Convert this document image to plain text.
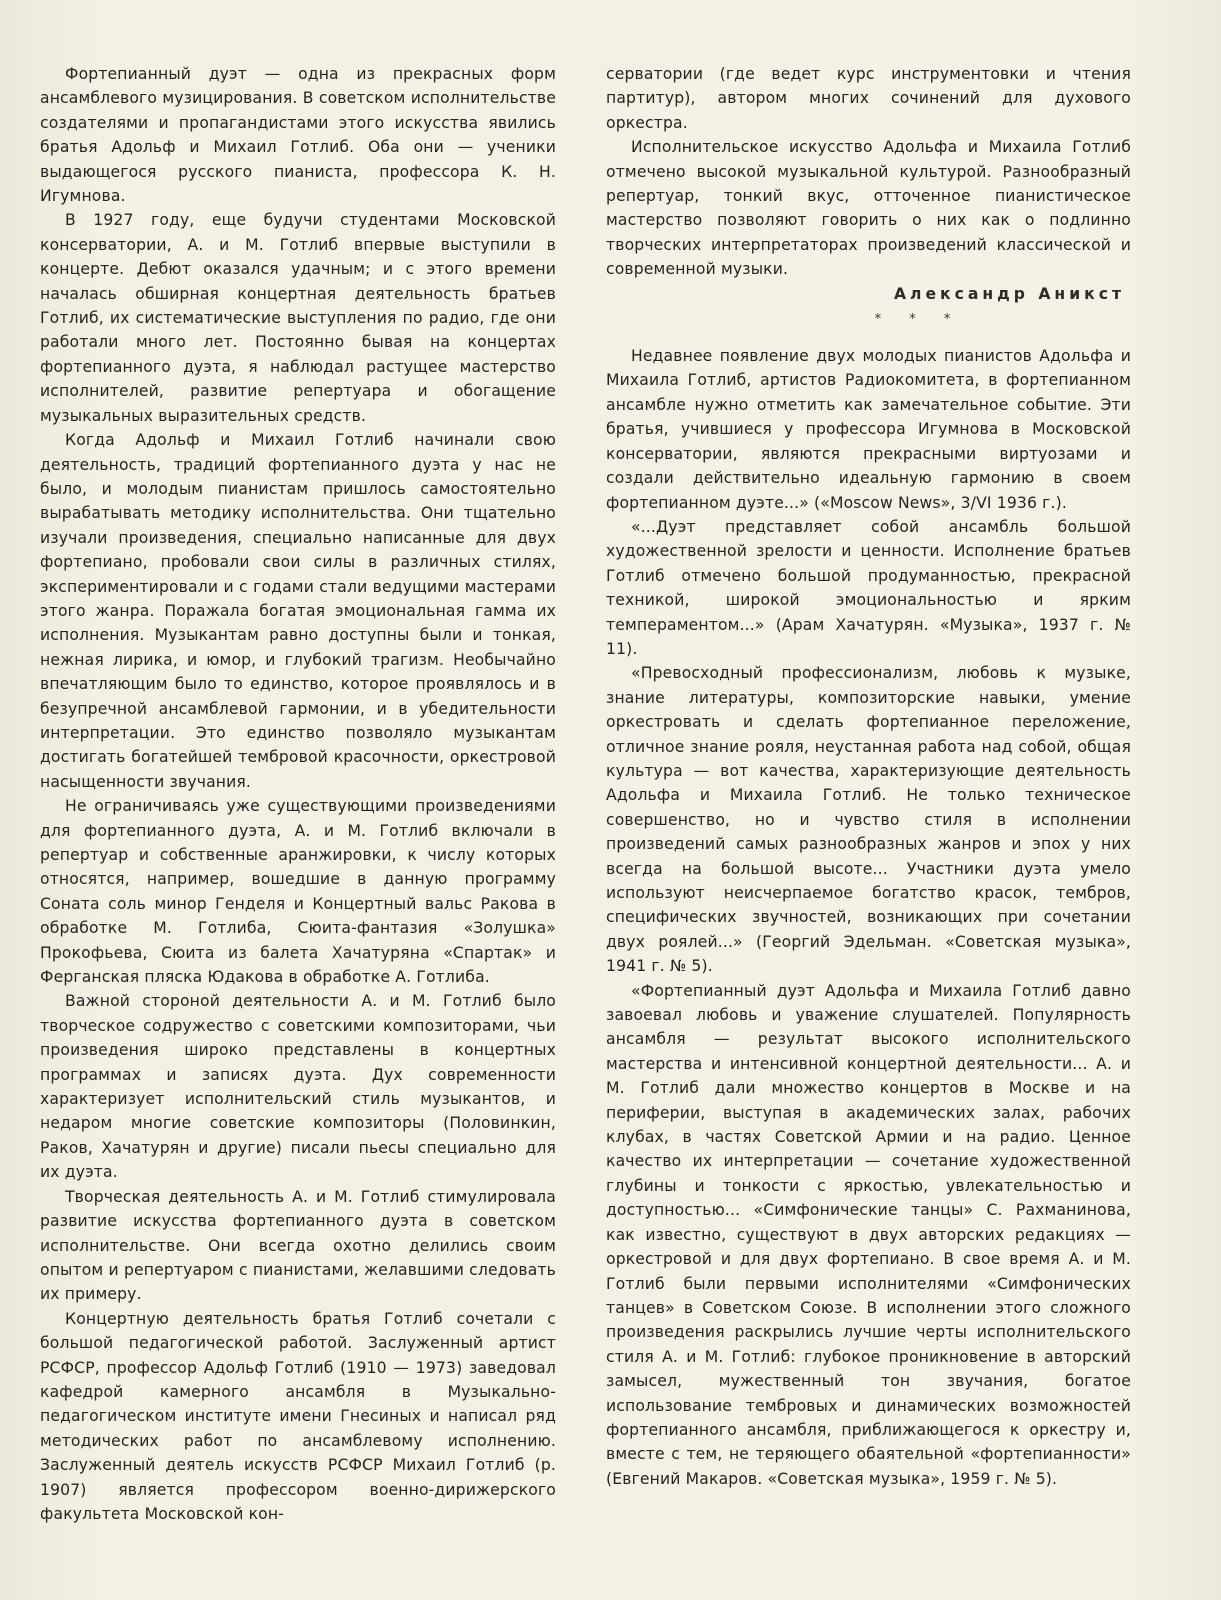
Фортепианный дуэт — одна из прекрасных форм ансамблевого музицирования. В советском исполнительстве создателями и пропагандистами этого искусства явились братья Адольф и Михаил Готлиб. Оба они — ученики выдающегося русского пианиста, профессора К. Н. Игумнова.

В 1927 году, еще будучи студентами Московской консерватории, А. и М. Готлиб впервые выступили в концерте. Дебют оказался удачным; и с этого времени началась обширная концертная деятельность братьев Готлиб, их систематические выступления по радио, где они работали много лет. Постоянно бывая на концертах фортепианного дуэта, я наблюдал растущее мастерство исполнителей, развитие репертуара и обогащение музыкальных выразительных средств.

Когда Адольф и Михаил Готлиб начинали свою деятельность, традиций фортепианного дуэта у нас не было, и молодым пианистам пришлось самостоятельно вырабатывать методику исполнительства. Они тщательно изучали произведения, специально написанные для двух фортепиано, пробовали свои силы в различных стилях, экспериментировали и с годами стали ведущими мастерами этого жанра. Поражала богатая эмоциональная гамма их исполнения. Музыкантам равно доступны были и тонкая, нежная лирика, и юмор, и глубокий трагизм. Необычайно впечатляющим было то единство, которое проявлялось и в безупречной ансамблевой гармонии, и в убедительности интерпретации. Это единство позволяло музыкантам достигать богатейшей тембровой красочности, оркестровой насыщенности звучания.

Не ограничиваясь уже существующими произведениями для фортепианного дуэта, А. и М. Готлиб включали в репертуар и собственные аранжировки, к числу которых относятся, например, вошедшие в данную программу Соната соль минор Генделя и Концертный вальс Ракова в обработке М. Готлиба, Сюита-фантазия «Золушка» Прокофьева, Сюита из балета Хачатуряна «Спартак» и Ферганская пляска Юдакова в обработке А. Готлиба.

Важной стороной деятельности А. и М. Готлиб было творческое содружество с советскими композиторами, чьи произведения широко представлены в концертных программах и записях дуэта. Дух современности характеризует исполнительский стиль музыкантов, и недаром многие советские композиторы (Половинкин, Раков, Хачатурян и другие) писали пьесы специально для их дуэта.

Творческая деятельность А. и М. Готлиб стимулировала развитие искусства фортепианного дуэта в советском исполнительстве. Они всегда охотно делились своим опытом и репертуаром с пианистами, желавшими следовать их примеру.

Концертную деятельность братья Готлиб сочетали с большой педагогической работой. Заслуженный артист РСФСР, профессор Адольф Готлиб (1910 — 1973) заведовал кафедрой камерного ансамбля в Музыкально-педагогическом институте имени Гнесиных и написал ряд методических работ по ансамблевому исполнению. Заслуженный деятель искусств РСФСР Михаил Готлиб (р. 1907) является профессором военно-дирижерского факультета Московской кон-

серватории (где ведет курс инструментовки и чтения партитур), автором многих сочинений для духового оркестра.

Исполнительское искусство Адольфа и Михаила Готлиб отмечено высокой музыкальной культурой. Разнообразный репертуар, тонкий вкус, отточенное пианистическое мастерство позволяют говорить о них как о подлинно творческих интерпретаторах произведений классической и современной музыки.

Александр Аникст

* * *

Недавнее появление двух молодых пианистов Адольфа и Михаила Готлиб, артистов Радиокомитета, в фортепианном ансамбле нужно отметить как замечательное событие. Эти братья, учившиеся у профессора Игумнова в Московской консерватории, являются прекрасными виртуозами и создали действительно идеальную гармонию в своем фортепианном дуэте...» («Moscow News», 3/VI 1936 г.).

«...Дуэт представляет собой ансамбль большой художественной зрелости и ценности. Исполнение братьев Готлиб отмечено большой продуманностью, прекрасной техникой, широкой эмоциональностью и ярким темпераментом...» (Арам Хачатурян. «Музыка», 1937 г. № 11).

«Превосходный профессионализм, любовь к музыке, знание литературы, композиторские навыки, умение оркестровать и сделать фортепианное переложение, отличное знание рояля, неустанная работа над собой, общая культура — вот качества, характеризующие деятельность Адольфа и Михаила Готлиб. Не только техническое совершенство, но и чувство стиля в исполнении произведений самых разнообразных жанров и эпох у них всегда на большой высоте... Участники дуэта умело используют неисчерпаемое богатство красок, тембров, специфических звучностей, возникающих при сочетании двух роялей...» (Георгий Эдельман. «Советская музыка», 1941 г. № 5).

«Фортепианный дуэт Адольфа и Михаила Готлиб давно завоевал любовь и уважение слушателей. Популярность ансамбля — результат высокого исполнительского мастерства и интенсивной концертной деятельности... А. и М. Готлиб дали множество концертов в Москве и на периферии, выступая в академических залах, рабочих клубах, в частях Советской Армии и на радио. Ценное качество их интерпретации — сочетание художественной глубины и тонкости с яркостью, увлекательностью и доступностью... «Симфонические танцы» С. Рахманинова, как известно, существуют в двух авторских редакциях — оркестровой и для двух фортепиано. В свое время А. и М. Готлиб были первыми исполнителями «Симфонических танцев» в Советском Союзе. В исполнении этого сложного произведения раскрылись лучшие черты исполнительского стиля А. и М. Готлиб: глубокое проникновение в авторский замысел, мужественный тон звучания, богатое использование тембровых и динамических возможностей фортепианного ансамбля, приближающегося к оркестру и, вместе с тем, не теряющего обаятельной «фортепианности» (Евгений Макаров. «Советская музыка», 1959 г. № 5).
